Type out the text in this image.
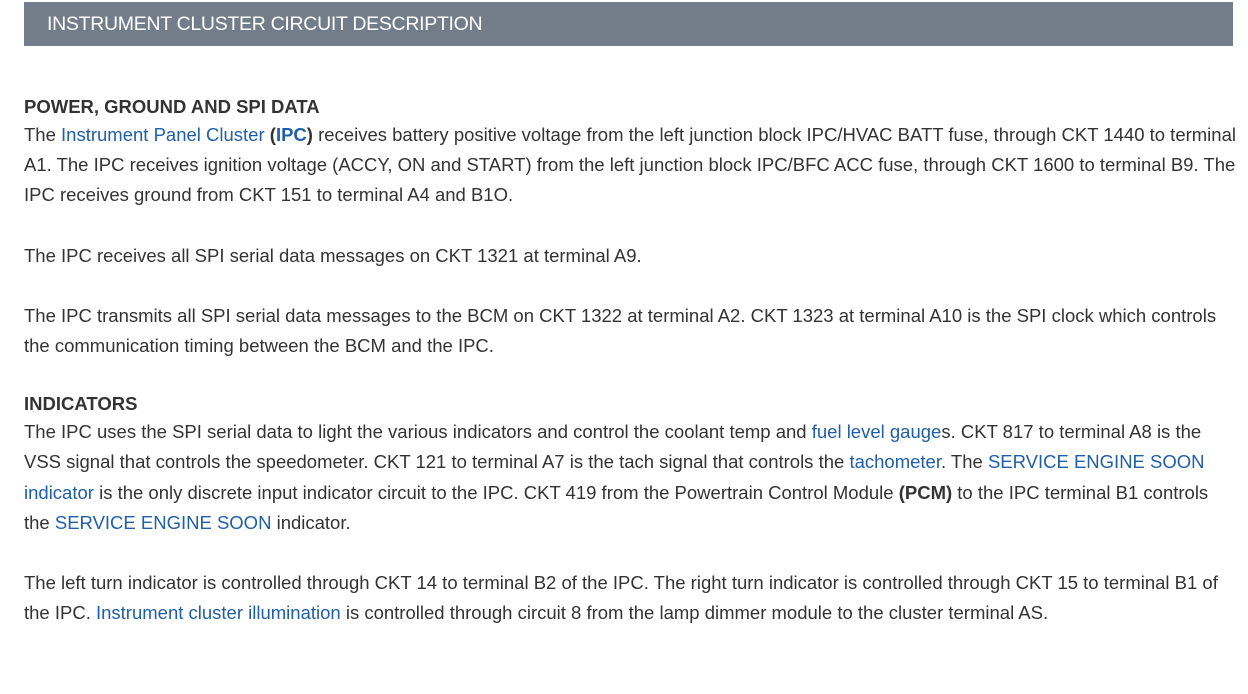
INSTRUMENT CLUSTER CIRCUIT DESCRIPTION
POWER, GROUND AND SPI DATA

The Instrument Panel Cluster (IPC) receives battery positive voltage from the left junction block IPC/HVAC BATT fuse, through CKT 1440 to terminal A1. The IPC receives ignition voltage (ACCY, ON and START) from the left junction block IPC/BFC ACC fuse, through CKT 1600 to terminal B9. The IPC receives ground from CKT 151 to terminal A4 and B1O.

The IPC receives all SPI serial data messages on CKT 1321 at terminal A9.

The IPC transmits all SPI serial data messages to the BCM on CKT 1322 at terminal A2. CKT 1323 at terminal A10 is the SPI clock which controls the communication timing between the BCM and the IPC.

INDICATORS

The IPC uses the SPI serial data to light the various indicators and control the coolant temp and fuel level gauges. CKT 817 to terminal A8 is the VSS signal that controls the speedometer. CKT 121 to terminal A7 is the tach signal that controls the tachometer. The SERVICE ENGINE SOON indicator is the only discrete input indicator circuit to the IPC. CKT 419 from the Powertrain Control Module (PCM) to the IPC terminal B1 controls the SERVICE ENGINE SOON indicator.

The left turn indicator is controlled through CKT 14 to terminal B2 of the IPC. The right turn indicator is controlled through CKT 15 to terminal B1 of the IPC. Instrument cluster illumination is controlled through circuit 8 from the lamp dimmer module to the cluster terminal AS.
